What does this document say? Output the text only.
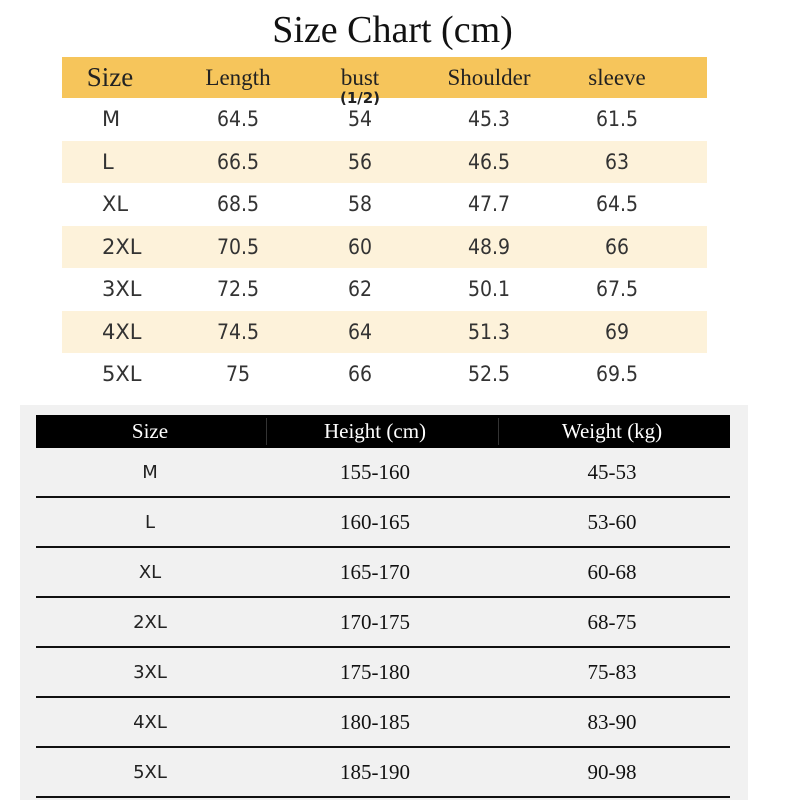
Size Chart (cm)
Size	Length	bust	Shoulder	sleeve
M	64.5	54	45.3	61.5
L	66.5	56	46.5	63
XL	68.5	58	47.7	64.5
2XL	70.5	60	48.9	66
3XL	72.5	62	50.1	67.5
4XL	74.5	64	51.3	69
5XL	75	66	52.5	69.5
(1/2)
Size	Height (cm)	Weight (kg)
M	155-160	45-53
L	160-165	53-60
XL	165-170	60-68
2XL	170-175	68-75
3XL	175-180	75-83
4XL	180-185	83-90
5XL	185-190	90-98
